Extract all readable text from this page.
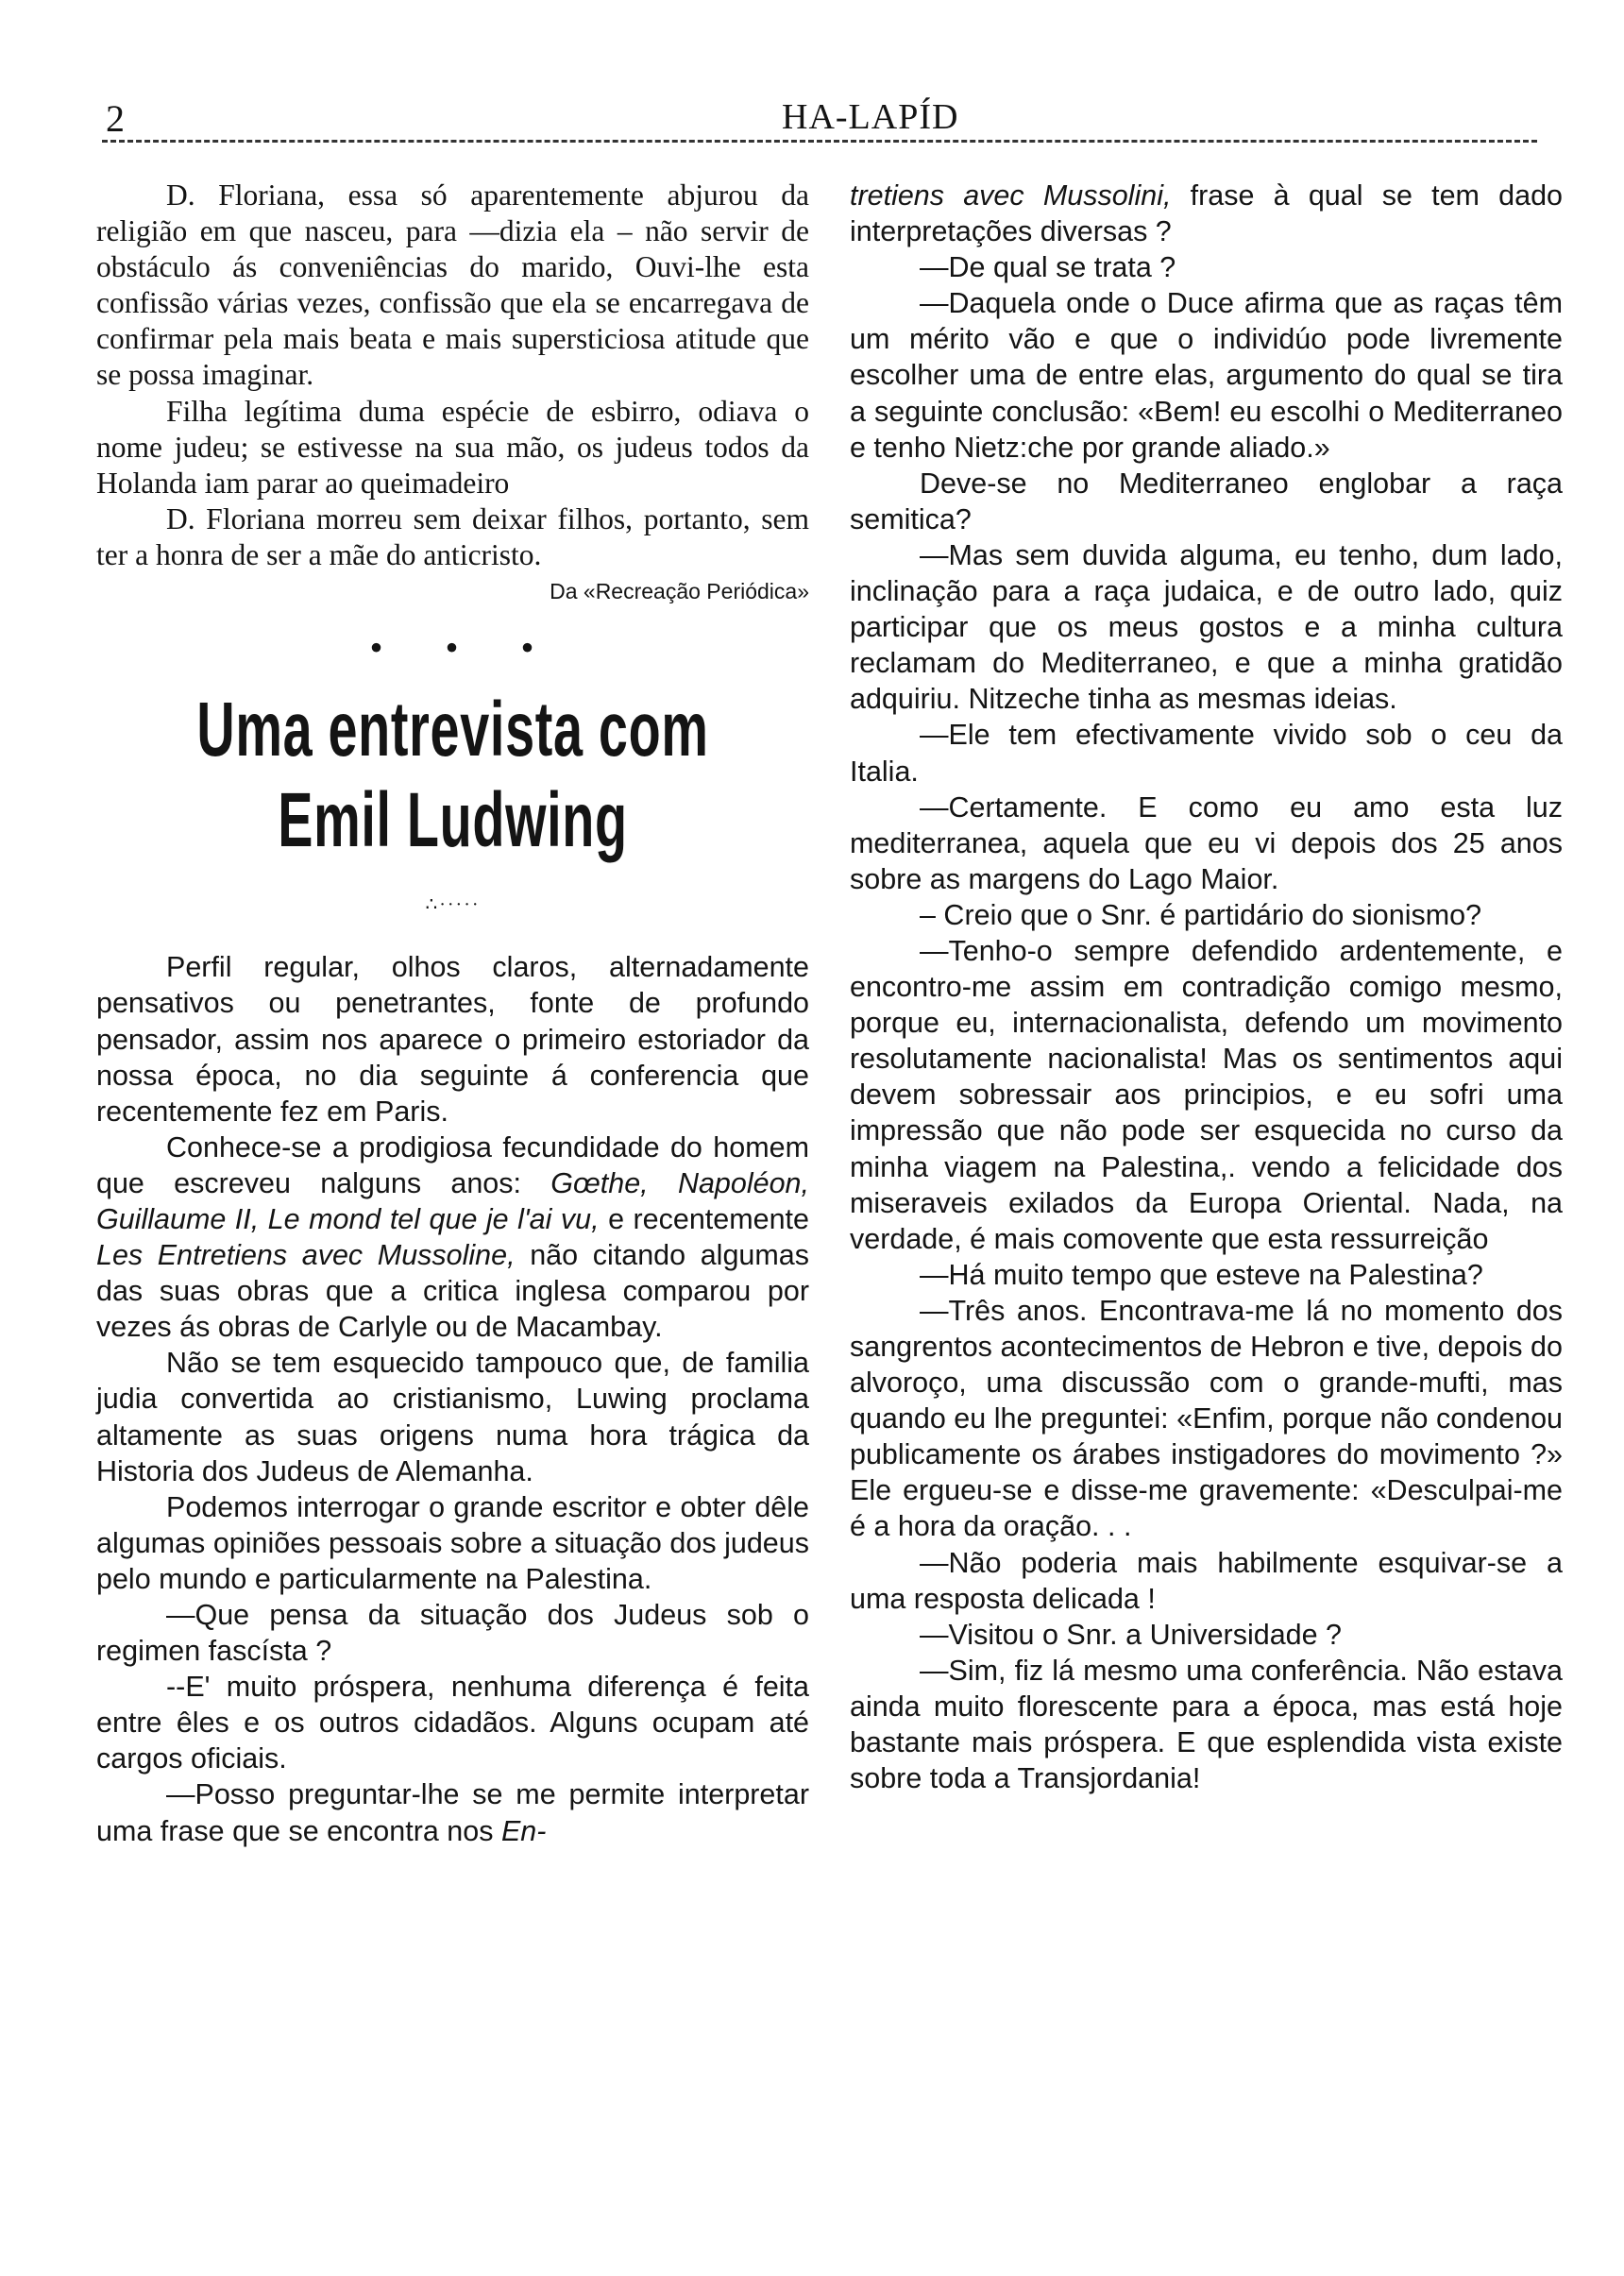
2	HA-LAPÍD

D. Floriana, essa só aparentemente abjurou da religião em que nasceu, para —dizia ela – não servir de obstáculo ás conveniências do marido, Ouvi-lhe esta confissão várias vezes, confissão que ela se encarregava de confirmar pela mais beata e mais supersticiosa atitude que se possa imaginar.

Filha legítima duma espécie de esbirro, odiava o nome judeu; se estivesse na sua mão, os judeus todos da Holanda iam parar ao queimadeiro

D. Floriana morreu sem deixar filhos, portanto, sem ter a honra de ser a mãe do anticristo.

Da «Recreação Periódica»

• • •
Uma entrevista com Emil Ludwing
∴·····

Perfil regular, olhos claros, alternadamente pensativos ou penetrantes, fonte de profundo pensador, assim nos aparece o primeiro estoriador da nossa época, no dia seguinte á conferencia que recentemente fez em Paris.

Conhece-se a prodigiosa fecundidade do homem que escreveu nalguns anos: Gœthe, Napoléon, Guillaume II, Le mond tel que je l'ai vu, e recentemente Les Entretiens avec Mussoline, não citando algumas das suas obras que a critica inglesa comparou por vezes ás obras de Carlyle ou de Macambay.

Não se tem esquecido tampouco que, de familia judia convertida ao cristianismo, Luwing proclama altamente as suas origens numa hora trágica da Historia dos Judeus de Alemanha.

Podemos interrogar o grande escritor e obter dêle algumas opiniões pessoais sobre a situação dos judeus pelo mundo e particularmente na Palestina.

—Que pensa da situação dos Judeus sob o regimen fascísta ?

--E' muito próspera, nenhuma diferença é feita entre êles e os outros cidadãos. Alguns ocupam até cargos oficiais.

—Posso preguntar-lhe se me permite interpretar uma frase que se encontra nos En-

tretiens avec Mussolini, frase à qual se tem dado interpretações diversas ?

—De qual se trata ?

—Daquela onde o Duce afirma que as raças têm um mérito vão e que o individúo pode livremente escolher uma de entre elas, argumento do qual se tira a seguinte conclusão: «Bem! eu escolhi o Mediterraneo e tenho Nietz:che por grande aliado.»

Deve-se no Mediterraneo englobar a raça semitica?

—Mas sem duvida alguma, eu tenho, dum lado, inclinação para a raça judaica, e de outro lado, quiz participar que os meus gostos e a minha cultura reclamam do Mediterraneo, e que a minha gratidão adquiriu. Nitzeche tinha as mesmas ideias.

—Ele tem efectivamente vivido sob o ceu da Italia.

—Certamente. E como eu amo esta luz mediterranea, aquela que eu vi depois dos 25 anos sobre as margens do Lago Maior.

– Creio que o Snr. é partidário do sionismo?

—Tenho-o sempre defendido ardentemente, e encontro-me assim em contradição comigo mesmo, porque eu, internacionalista, defendo um movimento resolutamente nacionalista! Mas os sentimentos aqui devem sobressair aos principios, e eu sofri uma impressão que não pode ser esquecida no curso da minha viagem na Palestina,. vendo a felicidade dos miseraveis exilados da Europa Oriental. Nada, na verdade, é mais comovente que esta ressurreição

—Há muito tempo que esteve na Palestina?

—Três anos. Encontrava-me lá no momento dos sangrentos acontecimentos de Hebron e tive, depois do alvoroço, uma discussão com o grande-mufti, mas quando eu lhe preguntei: «Enfim, porque não condenou publicamente os árabes instigadores do movimento ?» Ele ergueu-se e disse-me gravemente: «Desculpai-me é a hora da oração. . .

—Não poderia mais habilmente esquivar-se a uma resposta delicada !

—Visitou o Snr. a Universidade ?

—Sim, fiz lá mesmo uma conferência. Não estava ainda muito florescente para a época, mas está hoje bastante mais próspera. E que esplendida vista existe sobre toda a Transjordania!
